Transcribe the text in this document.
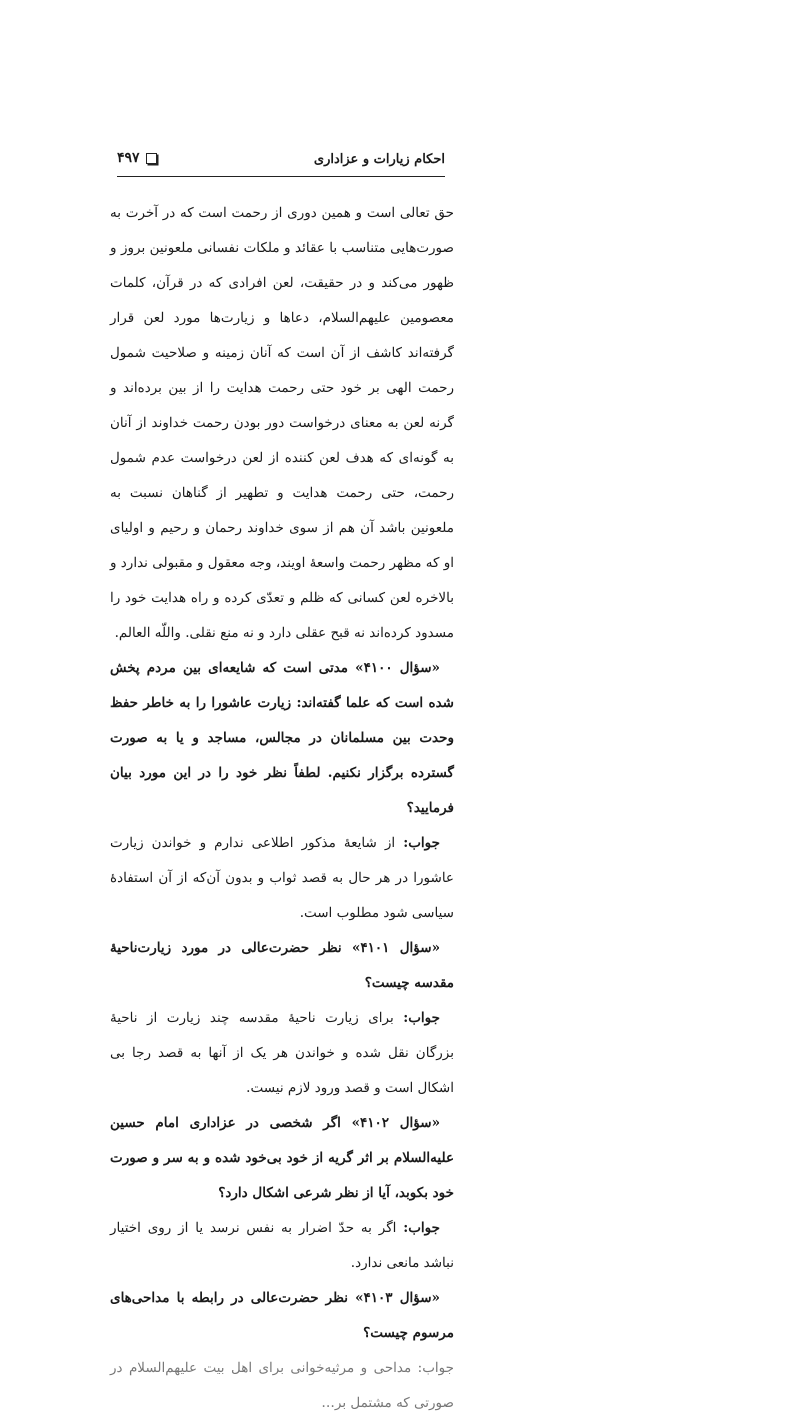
احکام زیارات و عزاداری
۴۹۷

حق تعالی است و همین دوری از رحمت است که در آخرت به صورت‌هایی متناسب با عقائد و ملکات نفسانی ملعونین بروز و ظهور می‌کند و در حقیقت، لعن افرادی که در قرآن، کلمات معصومین علیهم‌السلام، دعاها و زیارت‌ها مورد لعن قرار گرفته‌اند کاشف از آن است که آنان زمینه و صلاحیت شمول رحمت الهی بر خود حتی رحمت هدایت را از بین برده‌اند و گرنه لعن به معنای درخواست دور بودن رحمت خداوند از آنان به گونه‌ای که هدف لعن کننده از لعن درخواست عدم شمول رحمت، حتی رحمت هدایت و تطهیر از گناهان نسبت به ملعونین باشد آن هم از سوی خداوند رحمان و رحیم و اولیای او که مظهر رحمت واسعهٔ اویند، وجه معقول و مقبولی ندارد و بالاخره لعن کسانی که ظلم و تعدّی کرده و راه هدایت خود را مسدود کرده‌اند نه قبح عقلی دارد و نه منع نقلی. واللّه العالم.

«سؤال ۴۱۰۰» مدتی است که شایعه‌ای بین مردم پخش شده است که علما گفته‌اند: زیارت عاشورا را به خاطر حفظ وحدت بین مسلمانان در مجالس، مساجد و یا به صورت گسترده برگزار نکنیم. لطفاً نظر خود را در این مورد بیان فرمایید؟

جواب: از شایعهٔ مذکور اطلاعی ندارم و خواندن زیارت عاشورا در هر حال به قصد ثواب و بدون آن‌که از آن استفادهٔ سیاسی شود مطلوب است.

«سؤال ۴۱۰۱» نظر حضرت‌عالی در مورد زیارت‌ناحیهٔ مقدسه چیست؟

جواب: برای زیارت ناحیهٔ مقدسه چند زیارت از ناحیهٔ بزرگان نقل شده و خواندن هر یک از آنها به قصد رجا بی اشکال است و قصد ورود لازم نیست.

«سؤال ۴۱۰۲» اگر شخصی در عزاداری امام حسین علیه‌السلام بر اثر گریه از خود بی‌خود شده و به سر و صورت خود بکوبد، آیا از نظر شرعی اشکال دارد؟

جواب: اگر به حدّ اضرار به نفس نرسد یا از روی اختیار نباشد مانعی ندارد.

«سؤال ۴۱۰۳» نظر حضرت‌عالی در رابطه با مداحی‌های مرسوم چیست؟

جواب: مداحی و مرثیه‌خوانی برای اهل بیت علیهم‌السلام در صورتی که مشتمل بر…
